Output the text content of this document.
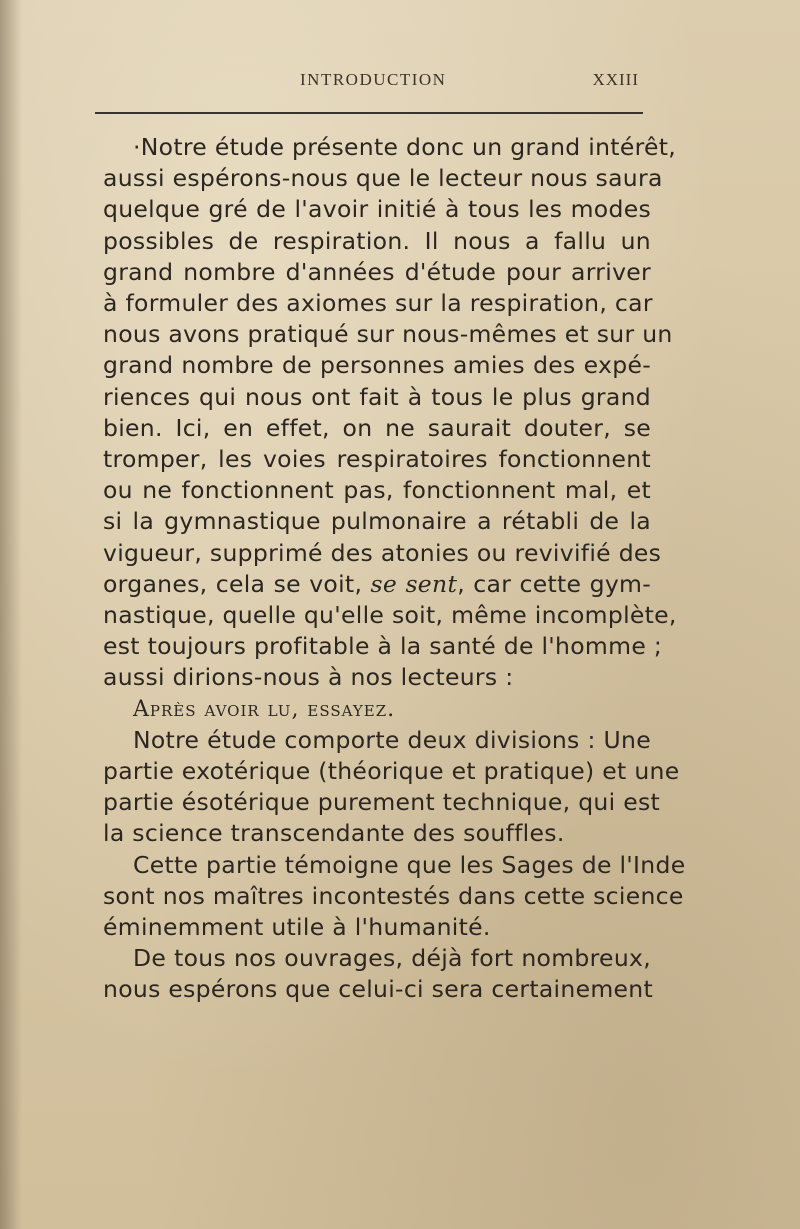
INTRODUCTION	XXIII
·Notre étude présente donc un grand intérêt,
aussi espérons-nous que le lecteur nous saura
quelque gré de l'avoir initié à tous les modes
possibles de respiration. Il nous a fallu un
grand nombre d'années d'étude pour arriver
à formuler des axiomes sur la respiration, car
nous avons pratiqué sur nous-mêmes et sur un
grand nombre de personnes amies des expé-
riences qui nous ont fait à tous le plus grand
bien. Ici, en effet, on ne saurait douter, se
tromper, les voies respiratoires fonctionnent
ou ne fonctionnent pas, fonctionnent mal, et
si la gymnastique pulmonaire a rétabli de la
vigueur, supprimé des atonies ou revivifié des
organes, cela se voit, se sent, car cette gym-
nastique, quelle qu'elle soit, même incomplète,
est toujours profitable à la santé de l'homme ;
aussi dirions-nous à nos lecteurs :
Après avoir lu, essayez.
Notre étude comporte deux divisions : Une
partie exotérique (théorique et pratique) et une
partie ésotérique purement technique, qui est
la science transcendante des souffles.
Cette partie témoigne que les Sages de l'Inde
sont nos maîtres incontestés dans cette science
éminemment utile à l'humanité.
De tous nos ouvrages, déjà fort nombreux,
nous espérons que celui-ci sera certainement
